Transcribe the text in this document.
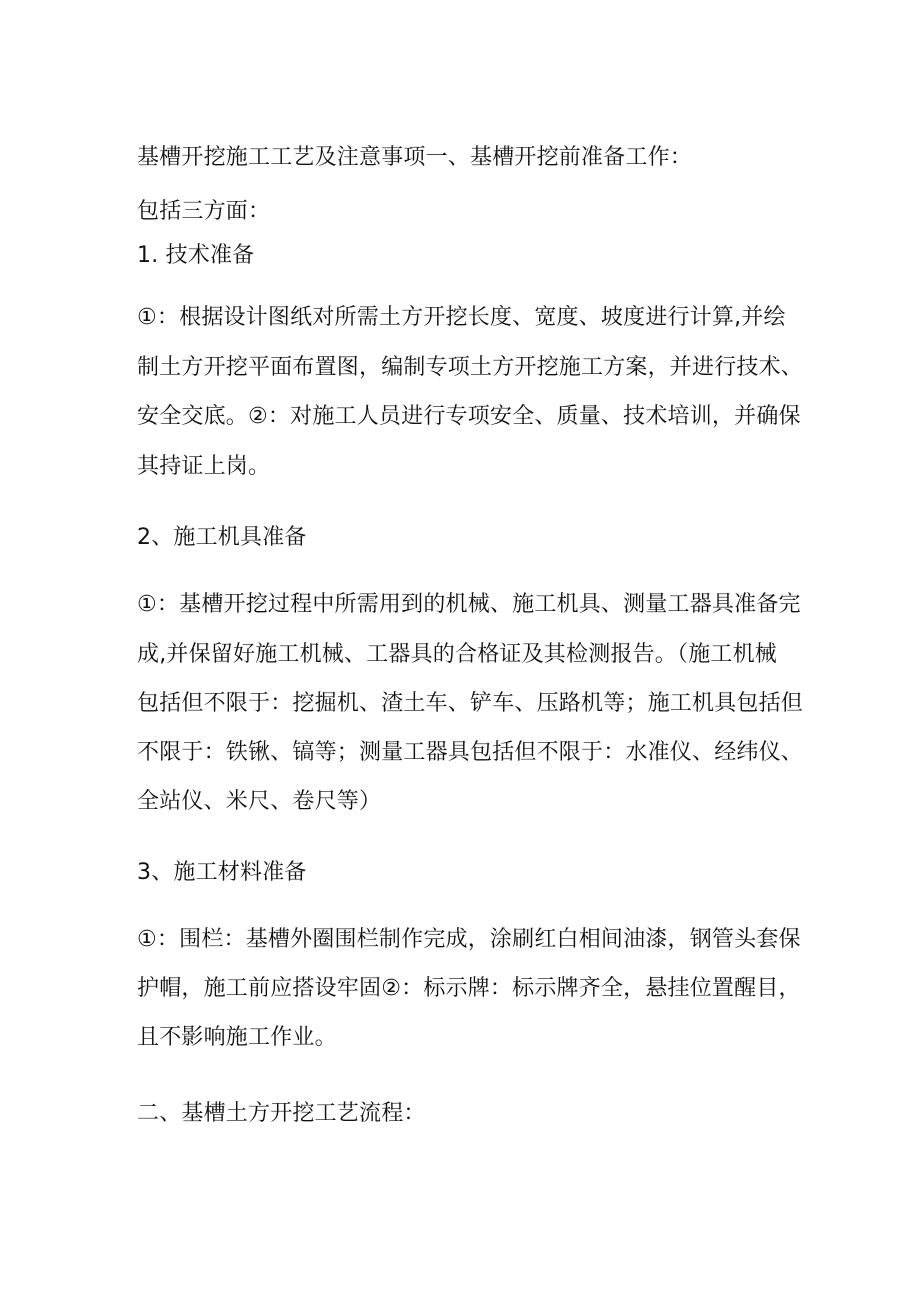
基槽开挖施工工艺及注意事项一、基槽开挖前准备工作：
包括三方面：
1. 技术准备
①：根据设计图纸对所需土方开挖长度、宽度、坡度进行计算,并绘
制土方开挖平面布置图，编制专项土方开挖施工方案，并进行技术、
安全交底。②：对施工人员进行专项安全、质量、技术培训，并确保
其持证上岗。
2、施工机具准备
①：基槽开挖过程中所需用到的机械、施工机具、测量工器具准备完
成,并保留好施工机械、工器具的合格证及其检测报告。（施工机械
包括但不限于：挖掘机、渣土车、铲车、压路机等；施工机具包括但
不限于：铁锹、镐等；测量工器具包括但不限于：水准仪、经纬仪、
全站仪、米尺、卷尺等）
3、施工材料准备
①：围栏：基槽外圈围栏制作完成，涂刷红白相间油漆，钢管头套保
护帽，施工前应搭设牢固②：标示牌：标示牌齐全，悬挂位置醒目，
且不影响施工作业。
二、基槽土方开挖工艺流程：
